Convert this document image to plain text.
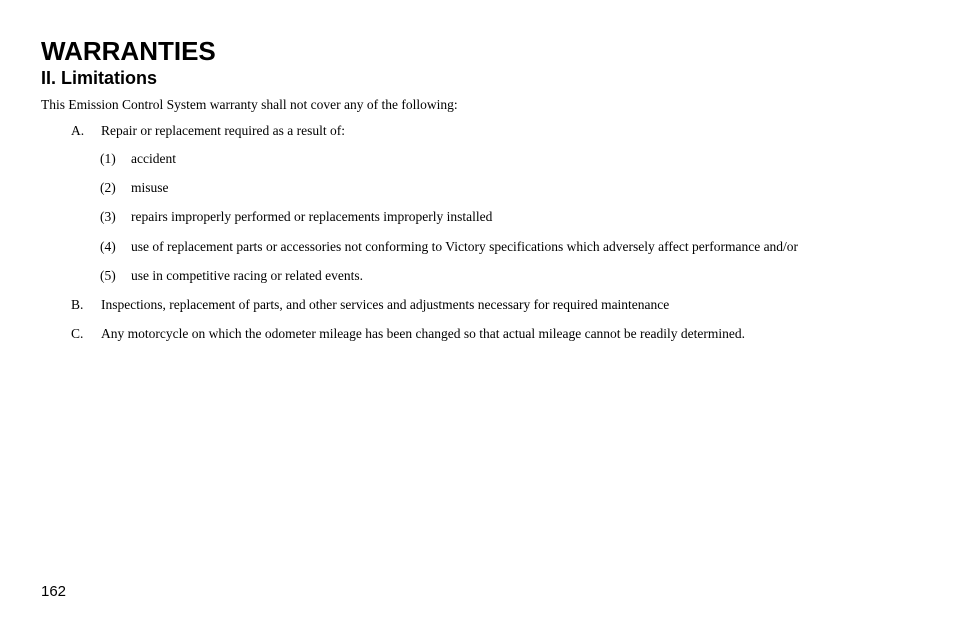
WARRANTIES
II. Limitations
This Emission Control System warranty shall not cover any of the following:
A. Repair or replacement required as a result of:
(1) accident
(2) misuse
(3) repairs improperly performed or replacements improperly installed
(4) use of replacement parts or accessories not conforming to Victory specifications which adversely affect performance and/or
(5) use in competitive racing or related events.
B. Inspections, replacement of parts, and other services and adjustments necessary for required maintenance
C. Any motorcycle on which the odometer mileage has been changed so that actual mileage cannot be readily determined.
162
